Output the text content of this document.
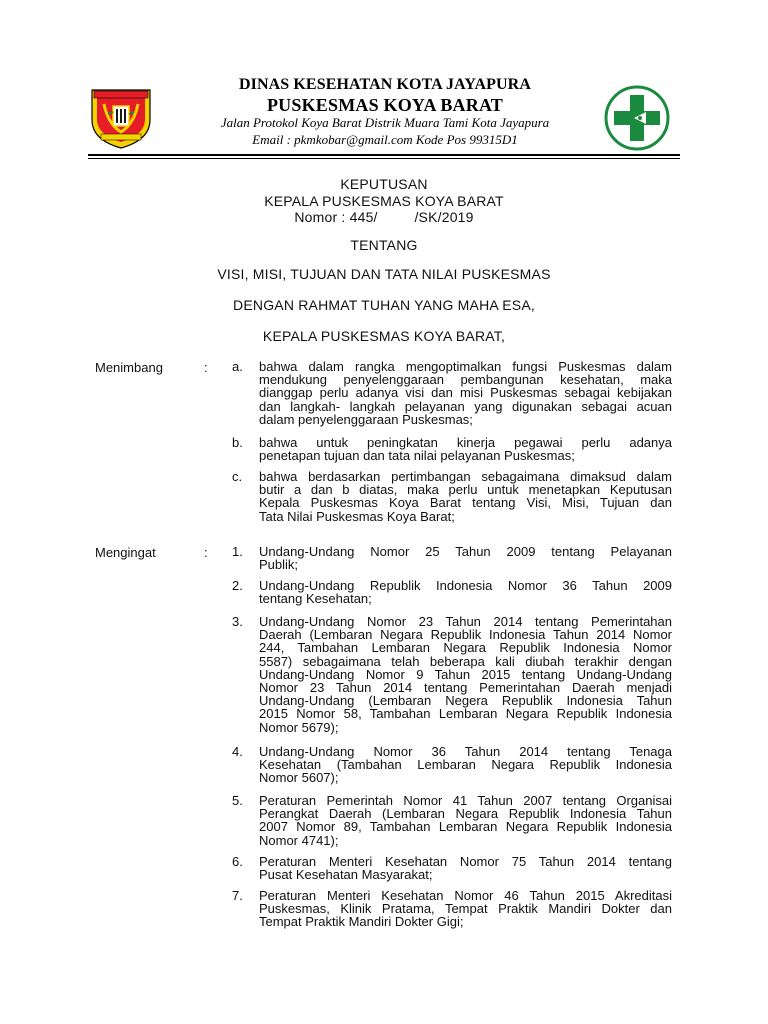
DINAS KESEHATAN KOTA JAYAPURA
PUSKESMAS KOYA BARAT
Jalan Protokol Koya Barat Distrik Muara Tami Kota Jayapura
Email : pkmkobar@gmail.com Kode Pos 99315D1
KEPUTUSAN
KEPALA PUSKESMAS KOYA BARAT
Nomor : 445/         /SK/2019
TENTANG
VISI, MISI, TUJUAN DAN TATA NILAI PUSKESMAS
DENGAN RAHMAT TUHAN YANG MAHA ESA,
KEPALA PUSKESMAS KOYA BARAT,
Menimbang	: a. bahwa dalam rangka mengoptimalkan fungsi Puskesmas dalam
mendukung penyelenggaraan pembangunan kesehatan, maka
dianggap perlu adanya visi dan misi Puskesmas sebagai kebijakan
dan langkah- langkah pelayanan yang digunakan sebagai acuan
dalam penyelenggaraan Puskesmas;
b. bahwa untuk peningkatan kinerja pegawai perlu adanya
penetapan tujuan dan tata nilai pelayanan Puskesmas;
c. bahwa berdasarkan pertimbangan sebagaimana dimaksud dalam
butir a dan b diatas, maka perlu untuk menetapkan Keputusan
Kepala Puskesmas Koya Barat tentang Visi, Misi, Tujuan dan
Tata Nilai Puskesmas Koya Barat;
Mengingat	: 1. Undang-Undang Nomor 25 Tahun 2009 tentang Pelayanan
Publik;
2. Undang-Undang Republik Indonesia Nomor 36 Tahun 2009
tentang Kesehatan;
3. Undang-Undang Nomor 23 Tahun 2014 tentang Pemerintahan
Daerah (Lembaran Negara Republik Indonesia Tahun 2014 Nomor
244, Tambahan Lembaran Negara Republik Indonesia Nomor
5587) sebagaimana telah beberapa kali diubah terakhir dengan
Undang-Undang Nomor 9 Tahun 2015 tentang Undang-Undang
Nomor 23 Tahun 2014 tentang Pemerintahan Daerah menjadi
Undang-Undang (Lembaran Negera Republik Indonesia Tahun
2015 Nomor 58, Tambahan Lembaran Negara Republik Indonesia
Nomor 5679);
4. Undang-Undang Nomor 36 Tahun 2014 tentang Tenaga
Kesehatan (Tambahan Lembaran Negara Republik Indonesia
Nomor 5607);
5. Peraturan Pemerintah Nomor 41 Tahun 2007 tentang Organisai
Perangkat Daerah (Lembaran Negara Republik Indonesia Tahun
2007 Nomor 89, Tambahan Lembaran Negara Republik Indonesia
Nomor 4741);
6. Peraturan Menteri Kesehatan Nomor 75 Tahun 2014 tentang
Pusat Kesehatan Masyarakat;
7. Peraturan Menteri Kesehatan Nomor 46 Tahun 2015 Akreditasi
Puskesmas, Klinik Pratama, Tempat Praktik Mandiri Dokter dan
Tempat Praktik Mandiri Dokter Gigi;
